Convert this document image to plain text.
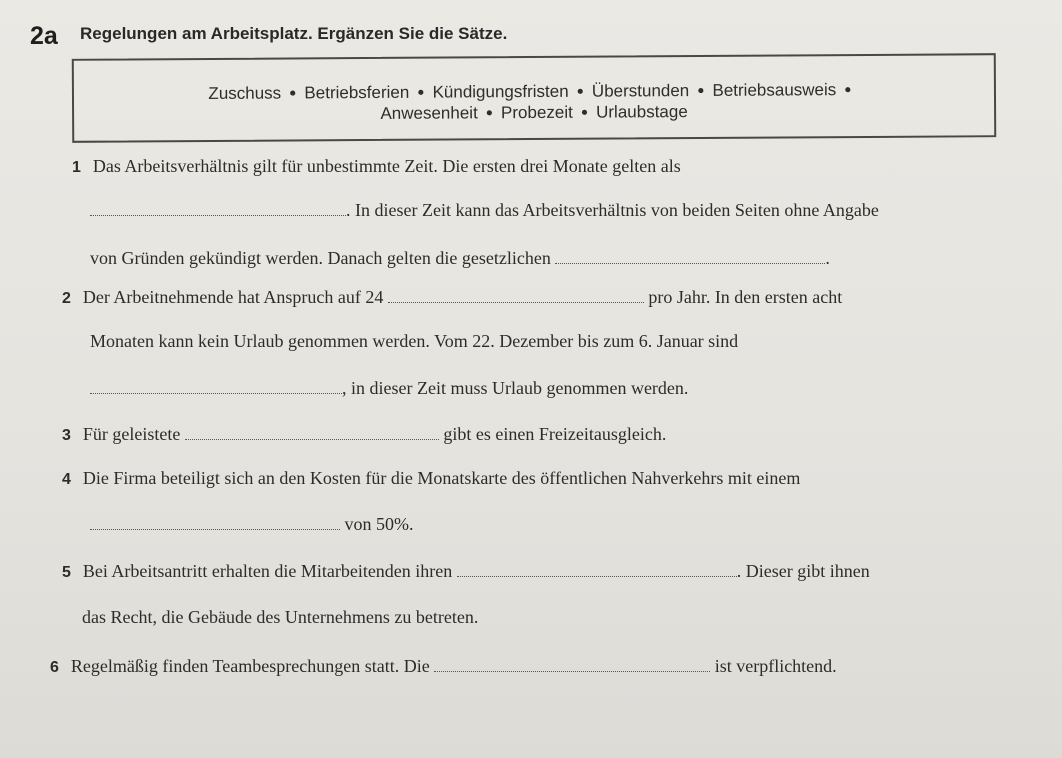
2a Regelungen am Arbeitsplatz. Ergänzen Sie die Sätze.
Zuschuss ● Betriebsferien ● Kündigungsfristen ● Überstunden ● Betriebsausweis ●
Anwesenheit ● Probezeit ● Urlaubstage
1 Das Arbeitsverhältnis gilt für unbestimmte Zeit. Die ersten drei Monate gelten als
. In dieser Zeit kann das Arbeitsverhältnis von beiden Seiten ohne Angabe
von Gründen gekündigt werden. Danach gelten die gesetzlichen	.
2 Der Arbeitnehmende hat Anspruch auf 24	pro Jahr. In den ersten acht
Monaten kann kein Urlaub genommen werden. Vom 22. Dezember bis zum 6. Januar sind
, in dieser Zeit muss Urlaub genommen werden.
3 Für geleistete	gibt es einen Freizeitausgleich.
4 Die Firma beteiligt sich an den Kosten für die Monatskarte des öffentlichen Nahverkehrs mit einem
von 50%.
5 Bei Arbeitsantritt erhalten die Mitarbeitenden ihren	. Dieser gibt ihnen
das Recht, die Gebäude des Unternehmens zu betreten.
6 Regelmäßig finden Teambesprechungen statt. Die	ist verpflichtend.
